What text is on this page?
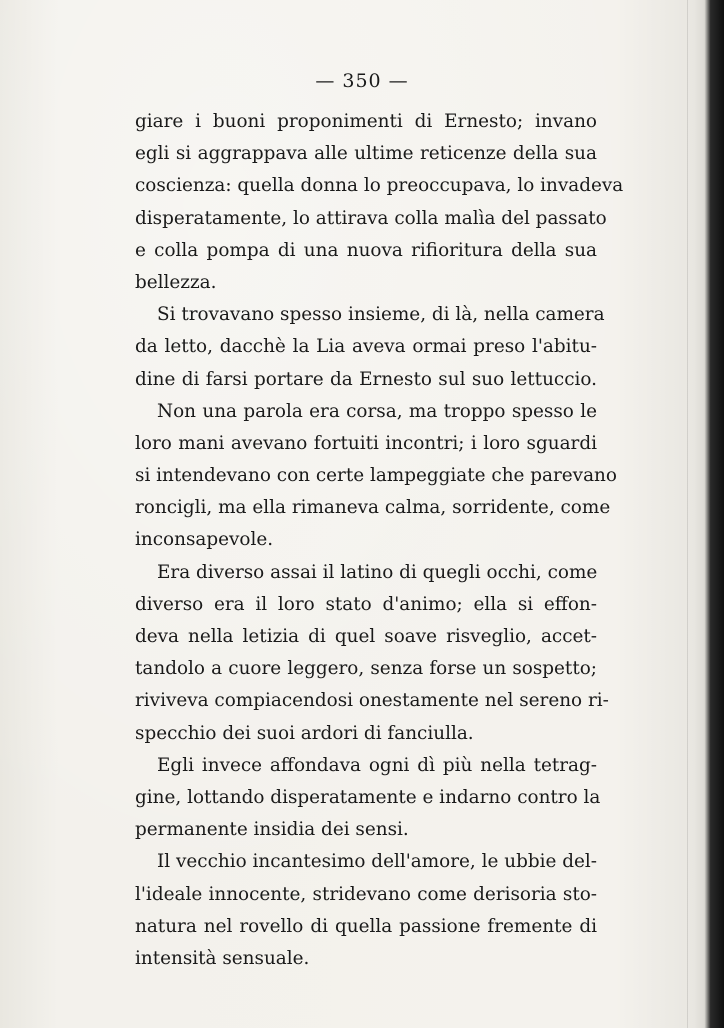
— 350 —
giare i buoni proponimenti di Ernesto; invano
egli si aggrappava alle ultime reticenze della sua
coscienza: quella donna lo preoccupava, lo invadeva
disperatamente, lo attirava colla malìa del passato
e colla pompa di una nuova rifioritura della sua
bellezza.
Si trovavano spesso insieme, di là, nella camera
da letto, dacchè la Lia aveva ormai preso l'abitu-
dine di farsi portare da Ernesto sul suo lettuccio.
Non una parola era corsa, ma troppo spesso le
loro mani avevano fortuiti incontri; i loro sguardi
si intendevano con certe lampeggiate che parevano
roncigli, ma ella rimaneva calma, sorridente, come
inconsapevole.
Era diverso assai il latino di quegli occhi, come
diverso era il loro stato d'animo; ella si effon-
deva nella letizia di quel soave risveglio, accet-
tandolo a cuore leggero, senza forse un sospetto;
riviveva compiacendosi onestamente nel sereno ri-
specchio dei suoi ardori di fanciulla.
Egli invece affondava ogni dì più nella tetrag-
gine, lottando disperatamente e indarno contro la
permanente insidia dei sensi.
Il vecchio incantesimo dell'amore, le ubbie del-
l'ideale innocente, stridevano come derisoria sto-
natura nel rovello di quella passione fremente di
intensità sensuale.
